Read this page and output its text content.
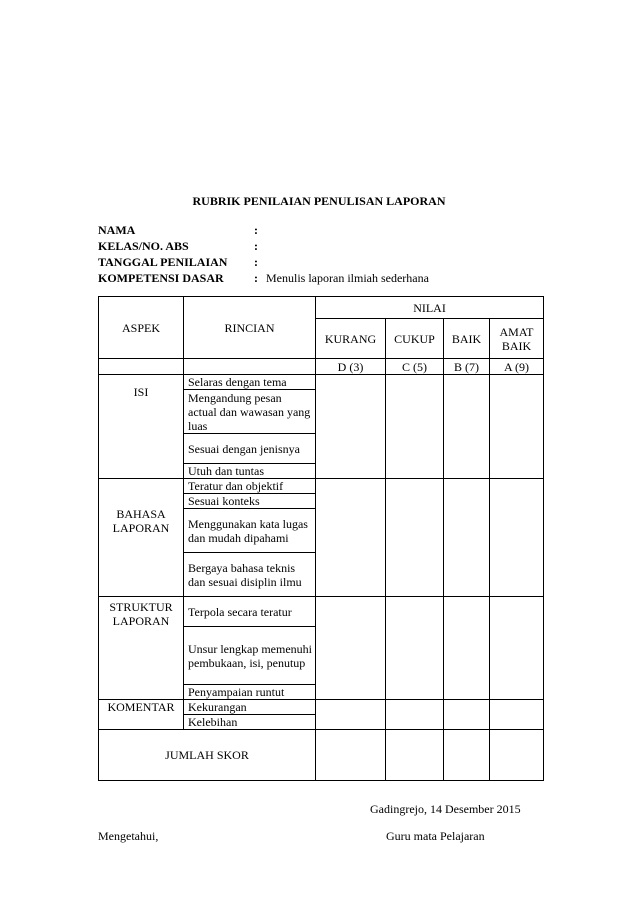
RUBRIK PENILAIAN PENULISAN LAPORAN
NAMA	:
KELAS/NO. ABS	:
TANGGAL PENILAIAN :
KOMPETENSI DASAR	: Menulis laporan ilmiah sederhana
ASPEK	RINCIAN	NILAI			
		KURANG	CUKUP	BAIK	AMAT BAIK
		D (3)	C (5)	B (7)	A (9)
ISI	Selaras dengan tema				
	Mengandung pesan actual dan wawasan yang luas				
	Sesuai dengan jenisnya				
	Utuh dan tuntas				
BAHASA LAPORAN	Teratur dan objektif				
	Sesuai konteks				
	Menggunakan kata lugas dan mudah dipahami				
	Bergaya bahasa teknis dan sesuai disiplin ilmu				
STRUKTUR LAPORAN	Terpola secara teratur				
	Unsur lengkap memenuhi pembukaan, isi, penutup				
	Penyampaian runtut				
KOMENTAR	Kekurangan				
	Kelebihan				
JUMLAH SKOR					
Gadingrejo, 14 Desember 2015
Mengetahui,	Guru mata Pelajaran
